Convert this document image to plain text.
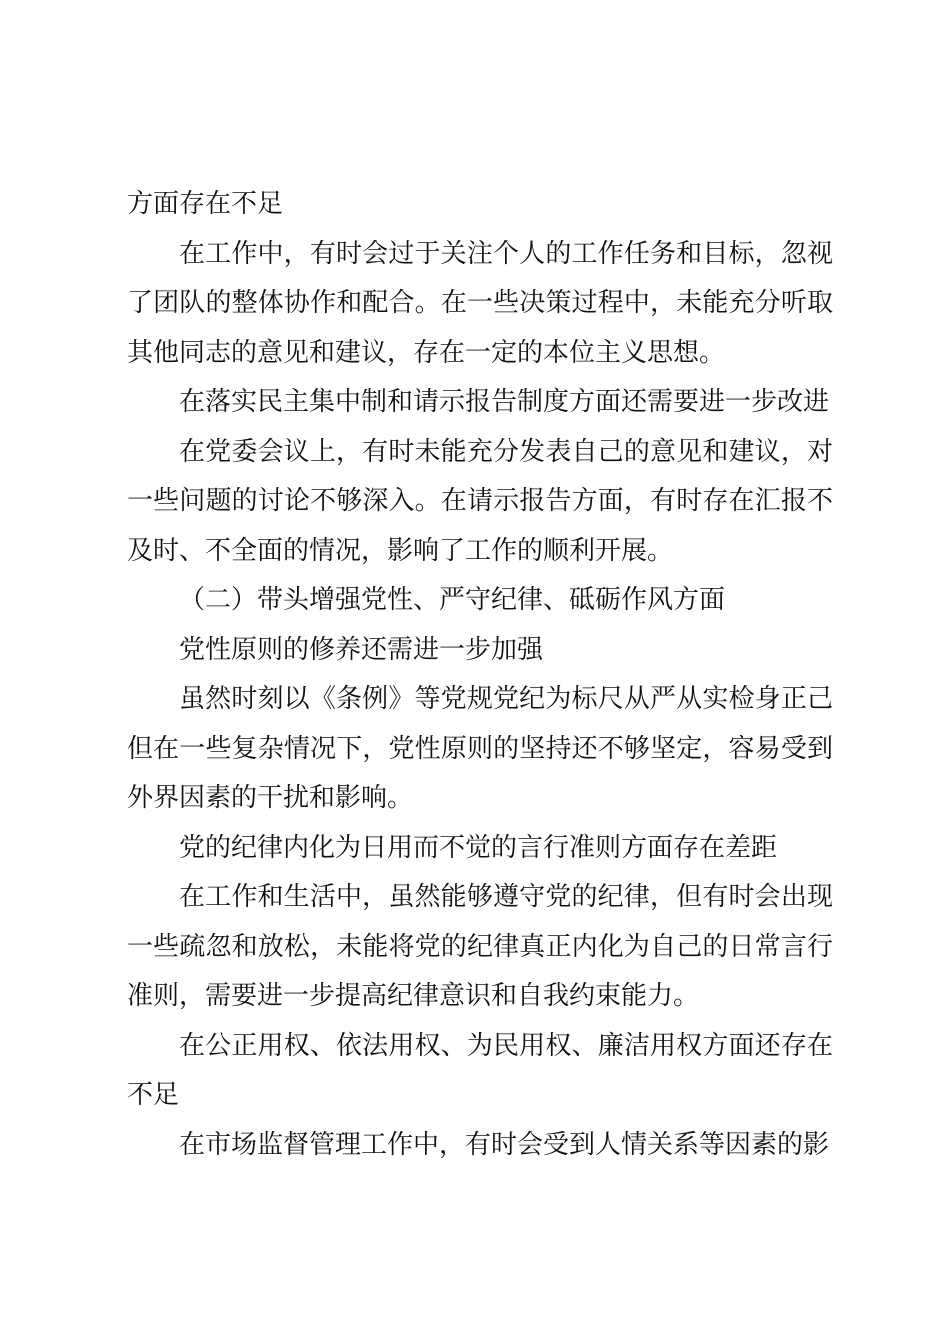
方面存在不足

在工作中，有时会过于关注个人的工作任务和目标，忽视了团队的整体协作和配合。在一些决策过程中，未能充分听取其他同志的意见和建议，存在一定的本位主义思想。

在落实民主集中制和请示报告制度方面还需要进一步改进

在党委会议上，有时未能充分发表自己的意见和建议，对一些问题的讨论不够深入。在请示报告方面，有时存在汇报不及时、不全面的情况，影响了工作的顺利开展。

（二）带头增强党性、严守纪律、砥砺作风方面

党性原则的修养还需进一步加强

虽然时刻以《条例》等党规党纪为标尺从严从实检身正己但在一些复杂情况下，党性原则的坚持还不够坚定，容易受到外界因素的干扰和影响。

党的纪律内化为日用而不觉的言行准则方面存在差距

在工作和生活中，虽然能够遵守党的纪律，但有时会出现一些疏忽和放松，未能将党的纪律真正内化为自己的日常言行准则，需要进一步提高纪律意识和自我约束能力。

在公正用权、依法用权、为民用权、廉洁用权方面还存在不足

在市场监督管理工作中，有时会受到人情关系等因素的影
